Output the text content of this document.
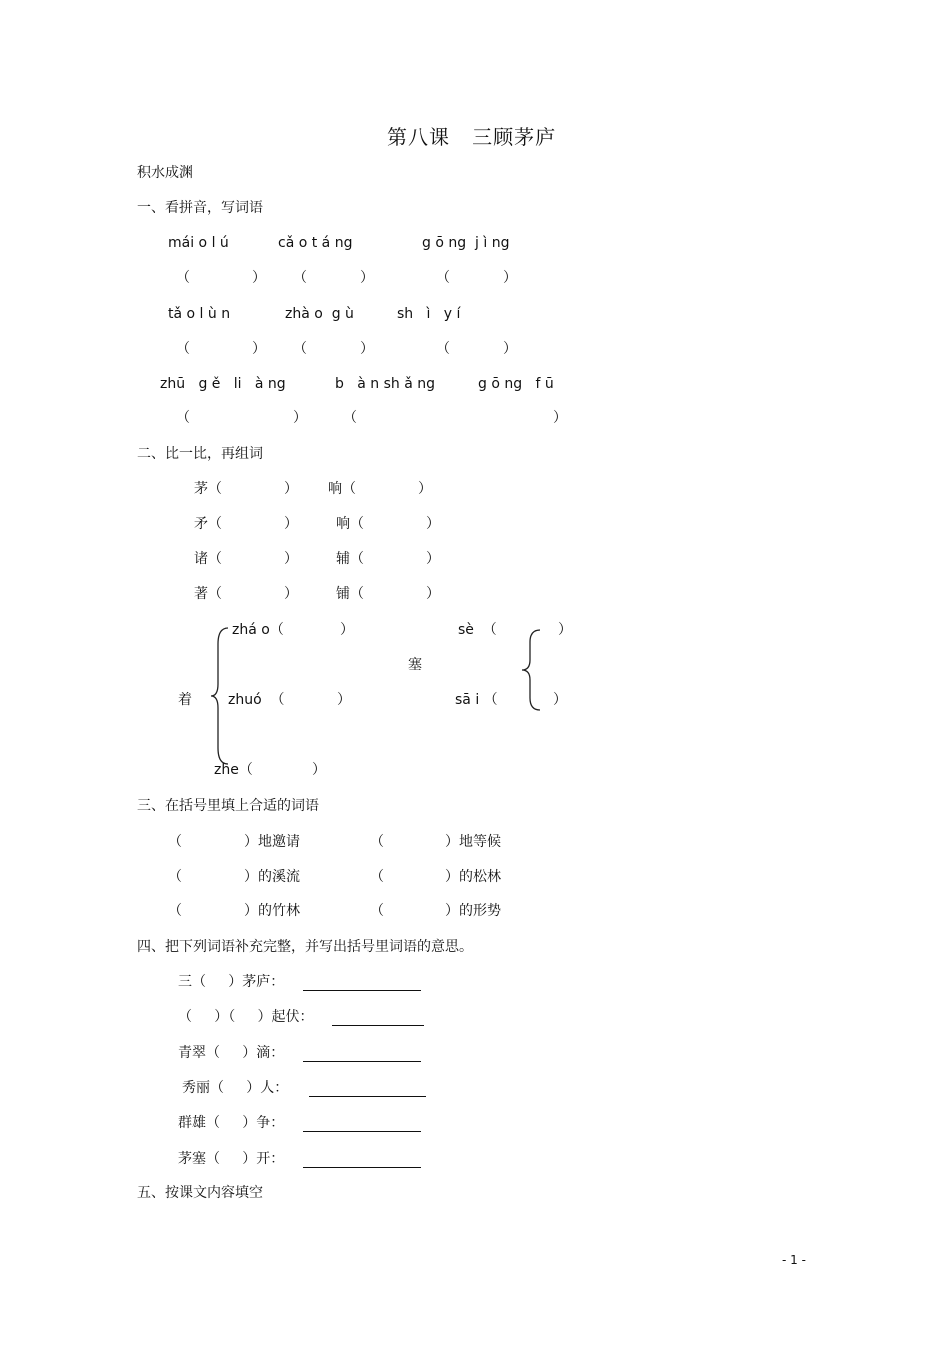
第八课   三顾茅庐
积水成渊
一、看拼音，写词语
mái o l ú	cǎ o t á ng	g ō ng  j ì ng
（	） （	）	（	）
tǎ o l ù n	zhà o  g ù	sh   ì   y í
（	） （	）	（	）
zhū   g ě   li   à ng	b   à n sh ǎ ng	g ō ng   f ū
（	）	（	）
二、比一比，再组词
茅（	） 响（	）
矛（	）	响（	）
诸（	）	辅（	）
著（	）	铺（	）
着
zhá o（	）
zhuó  （	）
zhe（	）
塞
sè  （	）
sā i （	）
三、在括号里填上合适的词语
（	）地邀请	（	）地等候
（	）的溪流	（	）的松林
（	）的竹林	（	）的形势
四、把下列词语补充完整，并写出括号里词语的意思。
三（     ）茅庐：
（     ）（     ）起伏：
青翠（     ）滴：
秀丽（     ）人：
群雄（     ）争：
茅塞（     ）开：
五、按课文内容填空
- 1 -
